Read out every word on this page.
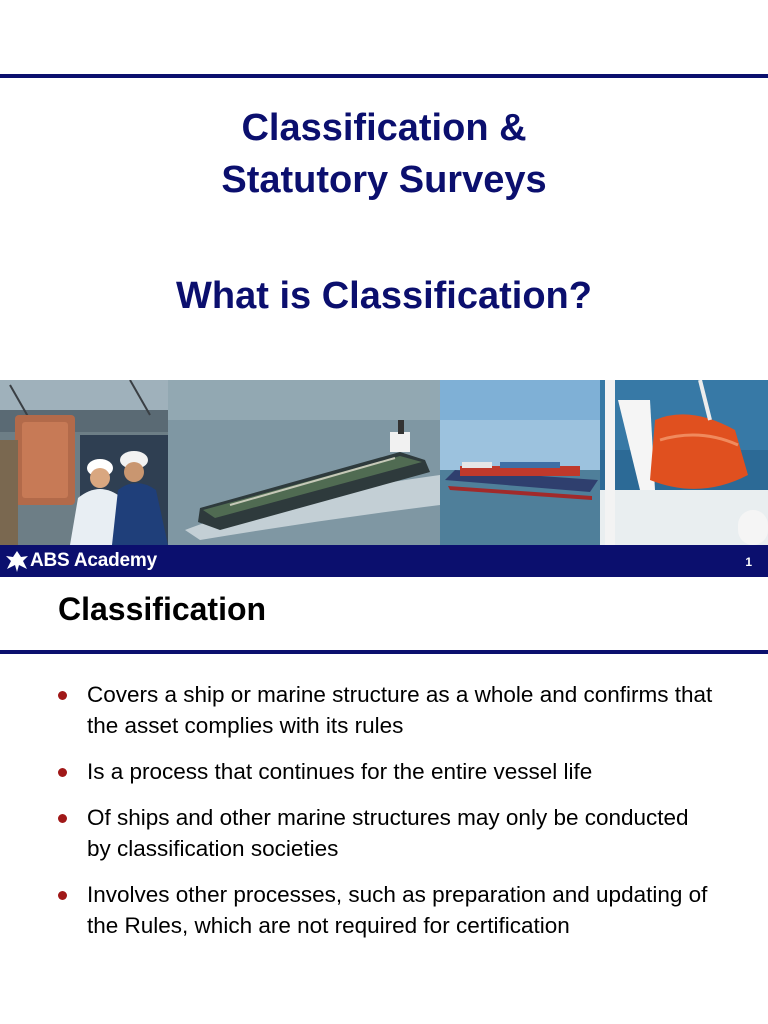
Classification &
Statutory Surveys
What is Classification?
ABS Academy	1
Classification
Covers a ship or marine structure as a whole and confirms that the asset complies with its rules
Is a process that continues for the entire vessel life
Of ships and other marine structures may only be conducted by classification societies
Involves other processes, such as preparation and updating of the Rules, which are not required for certification
